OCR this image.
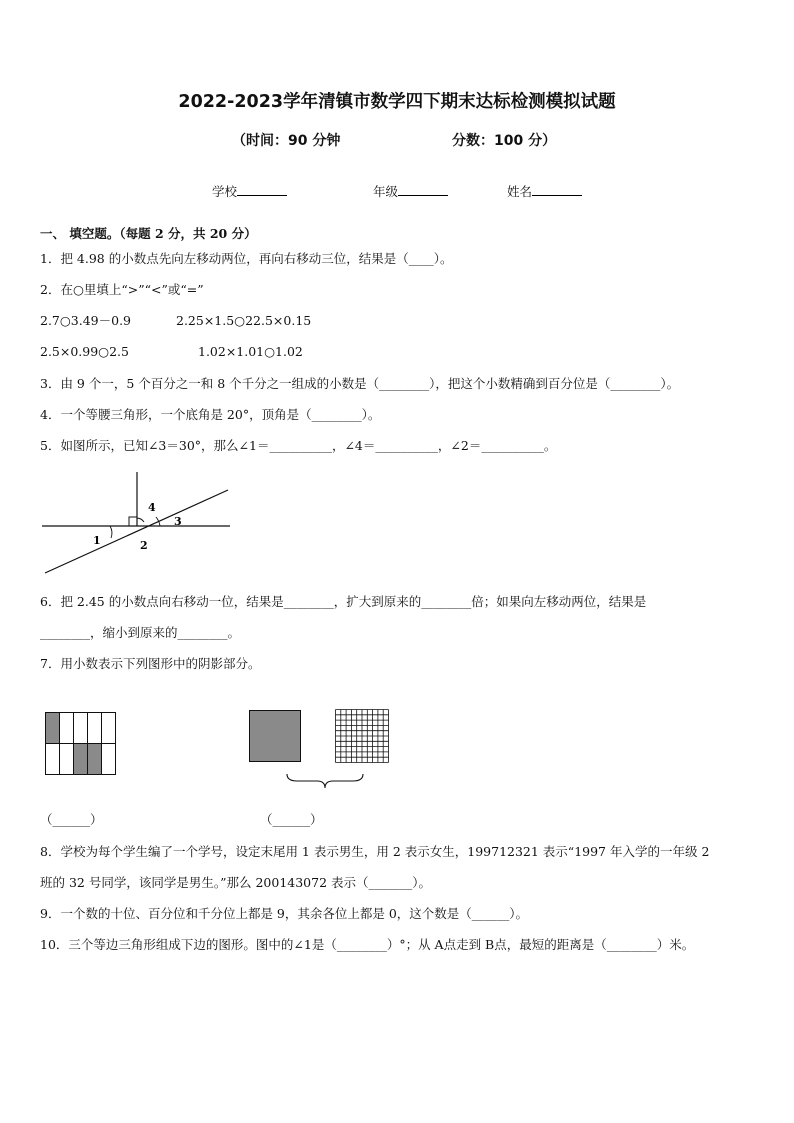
2022-2023学年清镇市数学四下期末达标检测模拟试题
（时间：90 分钟	分数：100 分）
学校	年级	姓名
一、 填空题。（每题 2 分，共 20 分）
1．把 4.98 的小数点先向左移动两位，再向右移动三位，结果是（____）。
2．在○里填上“>”“<”或“=”
2.7○3.49－0.9	2.25×1.5○22.5×0.15
2.5×0.99○2.5	1.02×1.01○1.02
3．由 9 个一，5 个百分之一和 8 个千分之一组成的小数是（________），把这个小数精确到百分位是（________）。
4．一个等腰三角形，一个底角是 20°，顶角是（________）。
5．如图所示，已知∠3＝30°，那么∠1＝__________，∠4＝__________，∠2＝__________。
1	2
3
4
6．把 2.45 的小数点向右移动一位，结果是________，扩大到原来的________倍；如果向左移动两位，结果是
________，缩小到原来的________。
7．用小数表示下列图形中的阴影部分。
（______）	（______）
8．学校为每个学生编了一个学号，设定末尾用 1 表示男生，用 2 表示女生，199712321 表示“1997 年入学的一年级 2
班的 32 号同学，该同学是男生。”那么 200143072 表示（_______）。
9．一个数的十位、百分位和千分位上都是 9，其余各位上都是 0，这个数是（______）。
10．三个等边三角形组成下边的图形。图中的∠1是（________）°；从 A点走到 B点，最短的距离是（________）米。
